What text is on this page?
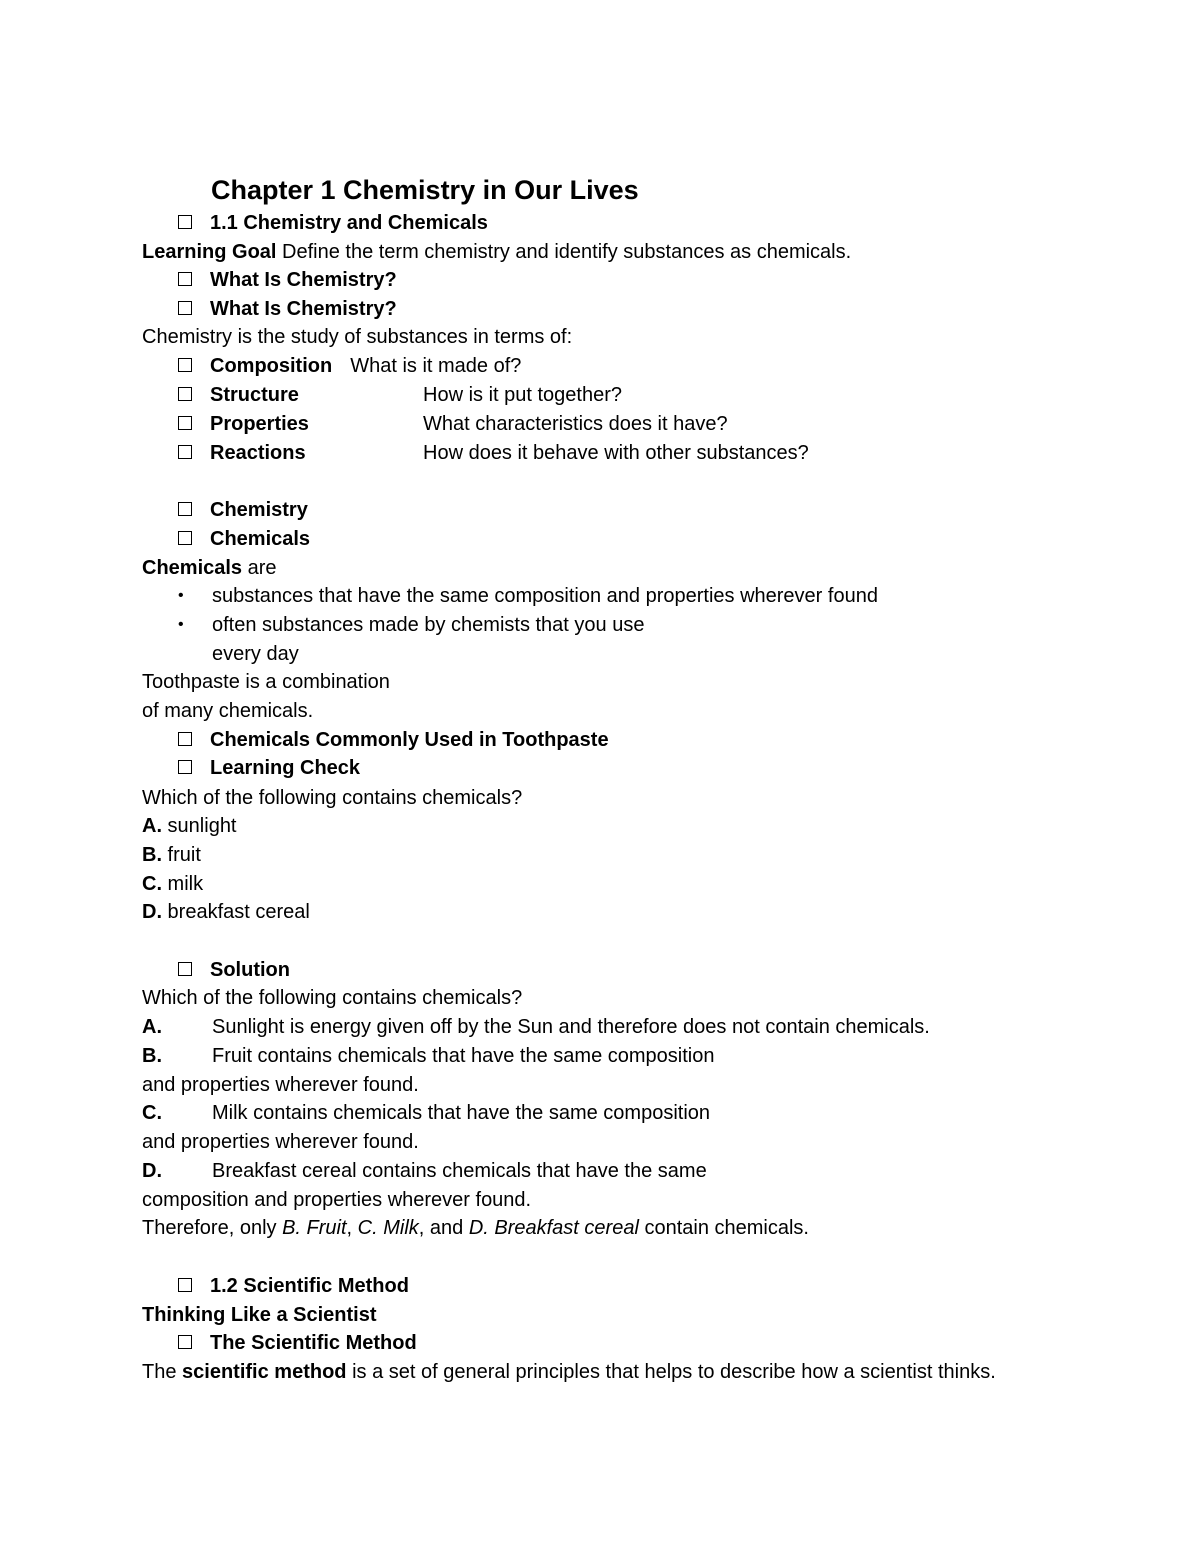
Chapter 1 Chemistry in Our Lives
1.1 Chemistry and Chemicals
Learning Goal Define the term chemistry and identify substances as chemicals.
What Is Chemistry?
What Is Chemistry?
Chemistry is the study of substances in terms of:
Composition What is it made of?
Structure	How is it put together?
Properties	What characteristics does it have?
Reactions	How does it behave with other substances?
Chemistry
Chemicals
Chemicals are
• substances that have the same composition and properties wherever found
• often substances made by chemists that you use
every day
Toothpaste is a combination
of many chemicals.
Chemicals Commonly Used in Toothpaste
Learning Check
Which of the following contains chemicals?
A. sunlight
B. fruit
C. milk
D. breakfast cereal
Solution
Which of the following contains chemicals?
A.	Sunlight is energy given off by the Sun and therefore does not contain chemicals.
B.	Fruit contains chemicals that have the same composition
and properties wherever found.
C.	Milk contains chemicals that have the same composition
and properties wherever found.
D.	Breakfast cereal contains chemicals that have the same
composition and properties wherever found.
Therefore, only B. Fruit, C. Milk, and D. Breakfast cereal contain chemicals.
1.2 Scientific Method
Thinking Like a Scientist
The Scientific Method
The scientific method is a set of general principles that helps to describe how a scientist thinks.
